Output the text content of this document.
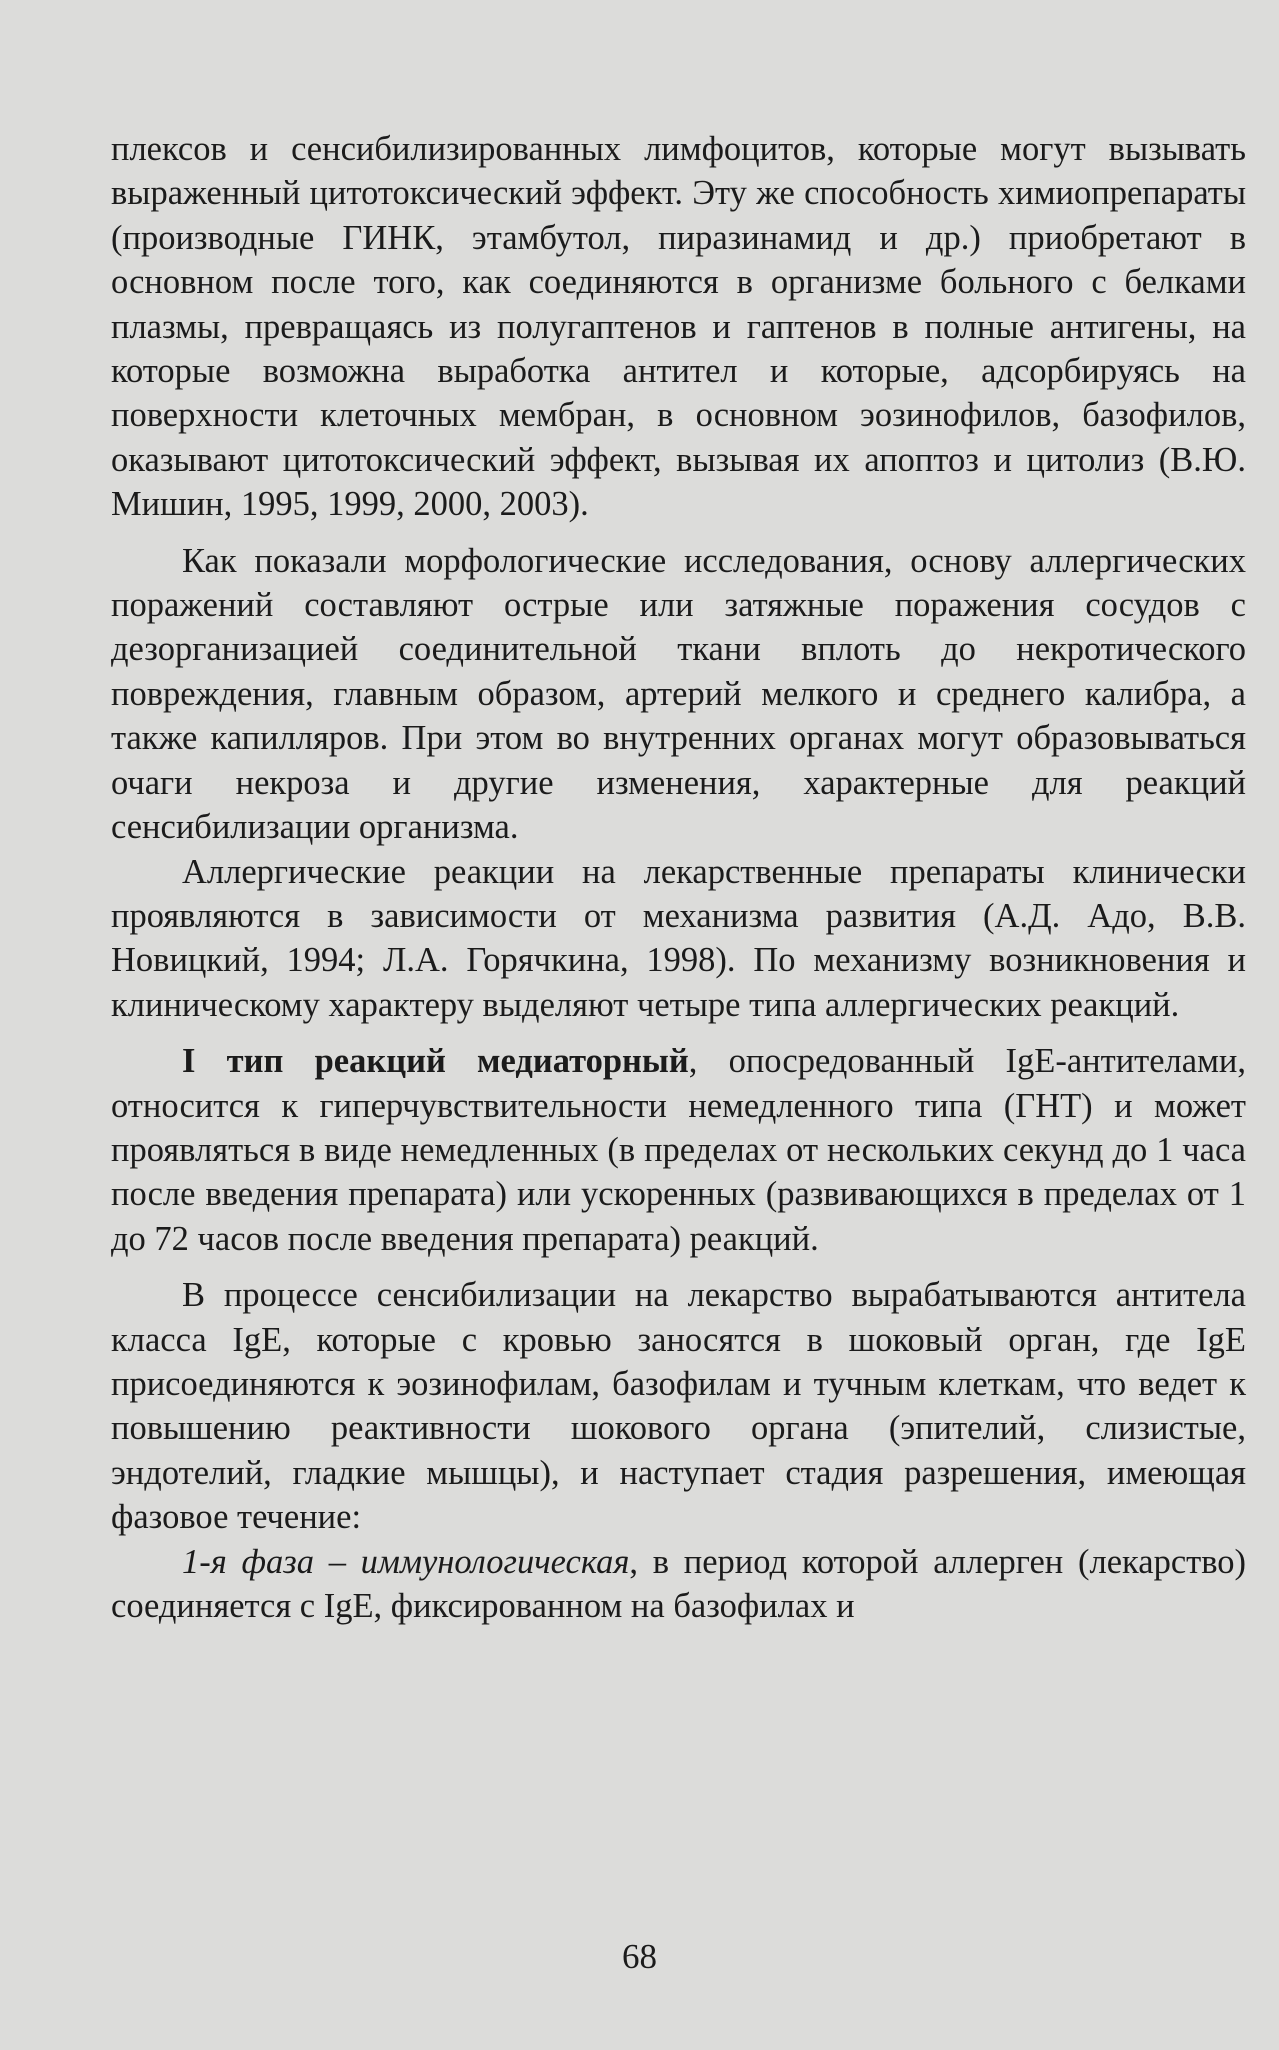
плексов и сенсибилизированных лимфоцитов, которые могут вызывать выраженный цитотоксический эффект. Эту же способность химиопрепараты (производные ГИНК, этамбутол, пиразинамид и др.) приобретают в основном после того, как соединяются в организме больного с белками плазмы, превращаясь из полугаптенов и гаптенов в полные антигены, на которые возможна выработка антител и которые, адсорбируясь на поверхности клеточных мембран, в основном эозинофилов, базофилов, оказывают цитотоксический эффект, вызывая их апоптоз и цитолиз (В.Ю. Мишин, 1995, 1999, 2000, 2003).

Как показали морфологические исследования, основу аллергических поражений составляют острые или затяжные поражения сосудов с дезорганизацией соединительной ткани вплоть до некротического повреждения, главным образом, артерий мелкого и среднего калибра, а также капилляров. При этом во внутренних органах могут образовываться очаги некроза и другие изменения, характерные для реакций сенсибилизации организма.

Аллергические реакции на лекарственные препараты клинически проявляются в зависимости от механизма развития (А.Д. Адо, В.В. Новицкий, 1994; Л.А. Горячкина, 1998). По механизму возникновения и клиническому характеру выделяют четыре типа аллергических реакций.

I тип реакций медиаторный, опосредованный IgE-антителами, относится к гиперчувствительности немедленного типа (ГНТ) и может проявляться в виде немедленных (в пределах от нескольких секунд до 1 часа после введения препарата) или ускоренных (развивающихся в пределах от 1 до 72 часов после введения препарата) реакций.

В процессе сенсибилизации на лекарство вырабатываются антитела класса IgE, которые с кровью заносятся в шоковый орган, где IgE присоединяются к эозинофилам, базофилам и тучным клеткам, что ведет к повышению реактивности шокового органа (эпителий, слизистые, эндотелий, гладкие мышцы), и наступает стадия разрешения, имеющая фазовое течение:

1-я фаза – иммунологическая, в период которой аллерген (лекарство) соединяется с IgE, фиксированном на базофилах и

68
